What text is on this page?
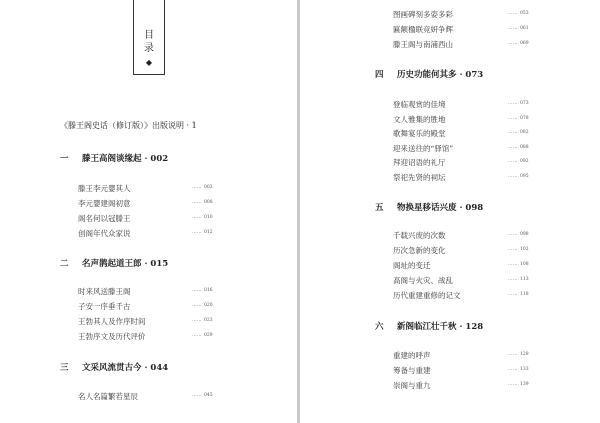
目
录
◆
《滕王阁史话（修订版）》出版说明 · 1
一 滕王高阁谈缘起 · 002
滕王李元婴其人	…… 003
李元婴建阁初意	…… 008
阁名何以冠滕王	…… 010
创阁年代众家说	…… 012
二 名声鹊起道王郎 · 015
时来风送滕王阁	…… 016
子安一序垂千古	…… 020
王勃其人及作序时间	…… 023
王勃序文及历代评价	…… 029
三 文采风流贯古今 · 044
名人名篇繁若星辰	…… 045
图画碑刻多姿多彩	…… 053
匾额楹联竞妍争辉	…… 061
滕王阁与南浦西山	…… 069
四 历史功能何其多 · 073
登临观赏的佳境	…… 073
文人雅集的胜地	…… 078
歌舞宴乐的殿堂	…… 082
迎来送往的“驿馆”	…… 088
拜迎诏语的礼厅	…… 092
祭祀先贤的祠坛	…… 095
五 物换星移话兴废 · 098
千载兴废的次数	…… 098
历次急新的变化	…… 102
阁址的变迁	…… 108
高阁与火灾、战乱	…… 113
历代重建重修的记文	…… 118
六 新阁临江壮千秋 · 128
重建的呼声	…… 129
筹备与重建	…… 133
崇阁与重九	…… 139
